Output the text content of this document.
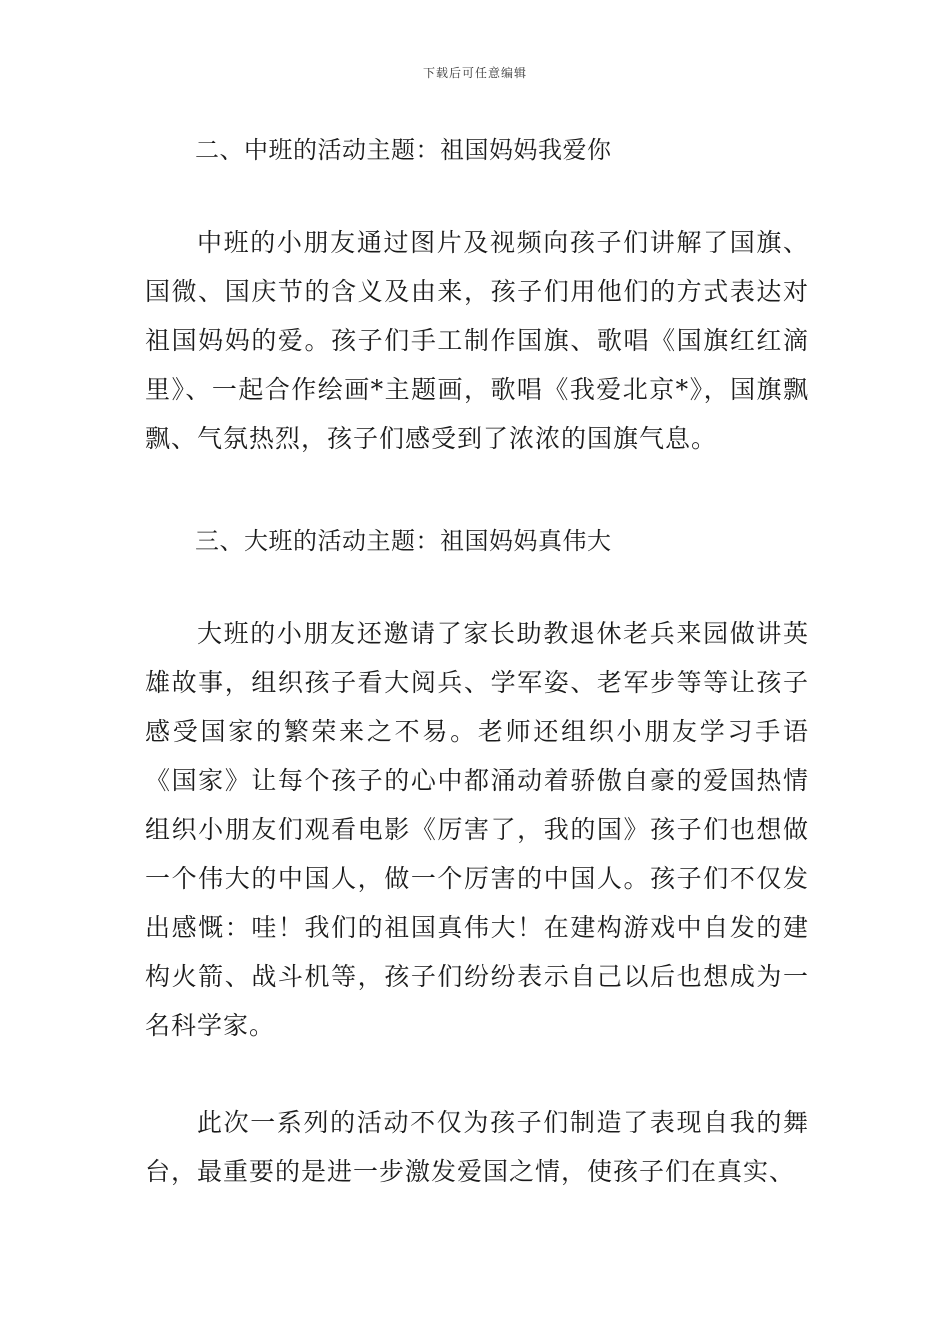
下载后可任意编辑
二、中班的活动主题：祖国妈妈我爱你

中班的小朋友通过图片及视频向孩子们讲解了国旗、国微、国庆节的含义及由来，孩子们用他们的方式表达对祖国妈妈的爱。孩子们手工制作国旗、歌唱《国旗红红滴里》、一起合作绘画*主题画，歌唱《我爱北京*》，国旗飘飘、气氛热烈，孩子们感受到了浓浓的国旗气息。

三、大班的活动主题：祖国妈妈真伟大

大班的小朋友还邀请了家长助教退休老兵来园做讲英雄故事，组织孩子看大阅兵、学军姿、老军步等等让孩子感受国家的繁荣来之不易。老师还组织小朋友学习手语《国家》让每个孩子的心中都涌动着骄傲自豪的爱国热情组织小朋友们观看电影《厉害了，我的国》孩子们也想做一个伟大的中国人，做一个厉害的中国人。孩子们不仅发出感慨：哇！我们的祖国真伟大！在建构游戏中自发的建构火箭、战斗机等，孩子们纷纷表示自己以后也想成为一名科学家。

此次一系列的活动不仅为孩子们制造了表现自我的舞台，最重要的是进一步激发爱国之情，使孩子们在真实、
